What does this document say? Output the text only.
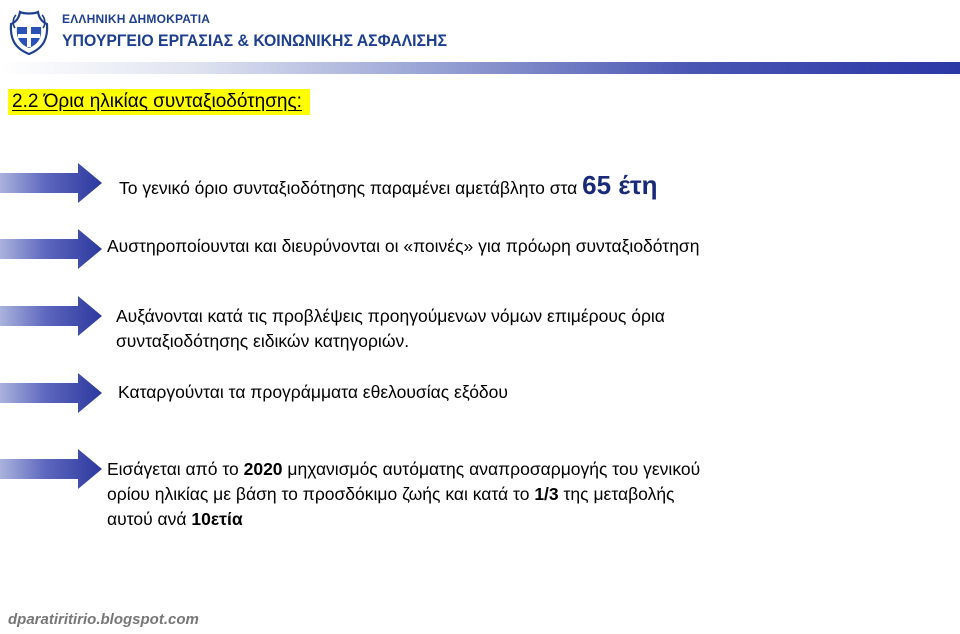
ΕΛΛΗΝΙΚΗ ΔΗΜΟΚΡΑΤΙΑ
ΥΠΟΥΡΓΕΙΟ ΕΡΓΑΣΙΑΣ & ΚΟΙΝΩΝΙΚΗΣ ΑΣΦΑΛΙΣΗΣ
2.2 Όρια ηλικίας συνταξιοδότησης:
Το γενικό όριο συνταξιοδότησης παραμένει αμετάβλητο στα 65 έτη
Αυστηροποίουνται και διευρύνονται οι «ποινές» για πρόωρη συνταξιοδότηση
Αυξάνονται κατά τις προβλέψεις προηγούμενων νόμων επιμέρους όρια
συνταξιοδότησης ειδικών κατηγοριών.
Καταργούνται τα προγράμματα εθελουσίας εξόδου
Εισάγεται από το 2020 μηχανισμός αυτόματης αναπροσαρμογής του γενικού
ορίου ηλικίας με βάση το προσδόκιμο ζωής και κατά το 1/3 της μεταβολής
αυτού ανά 10ετία
dparatiritirio.blogspot.com
